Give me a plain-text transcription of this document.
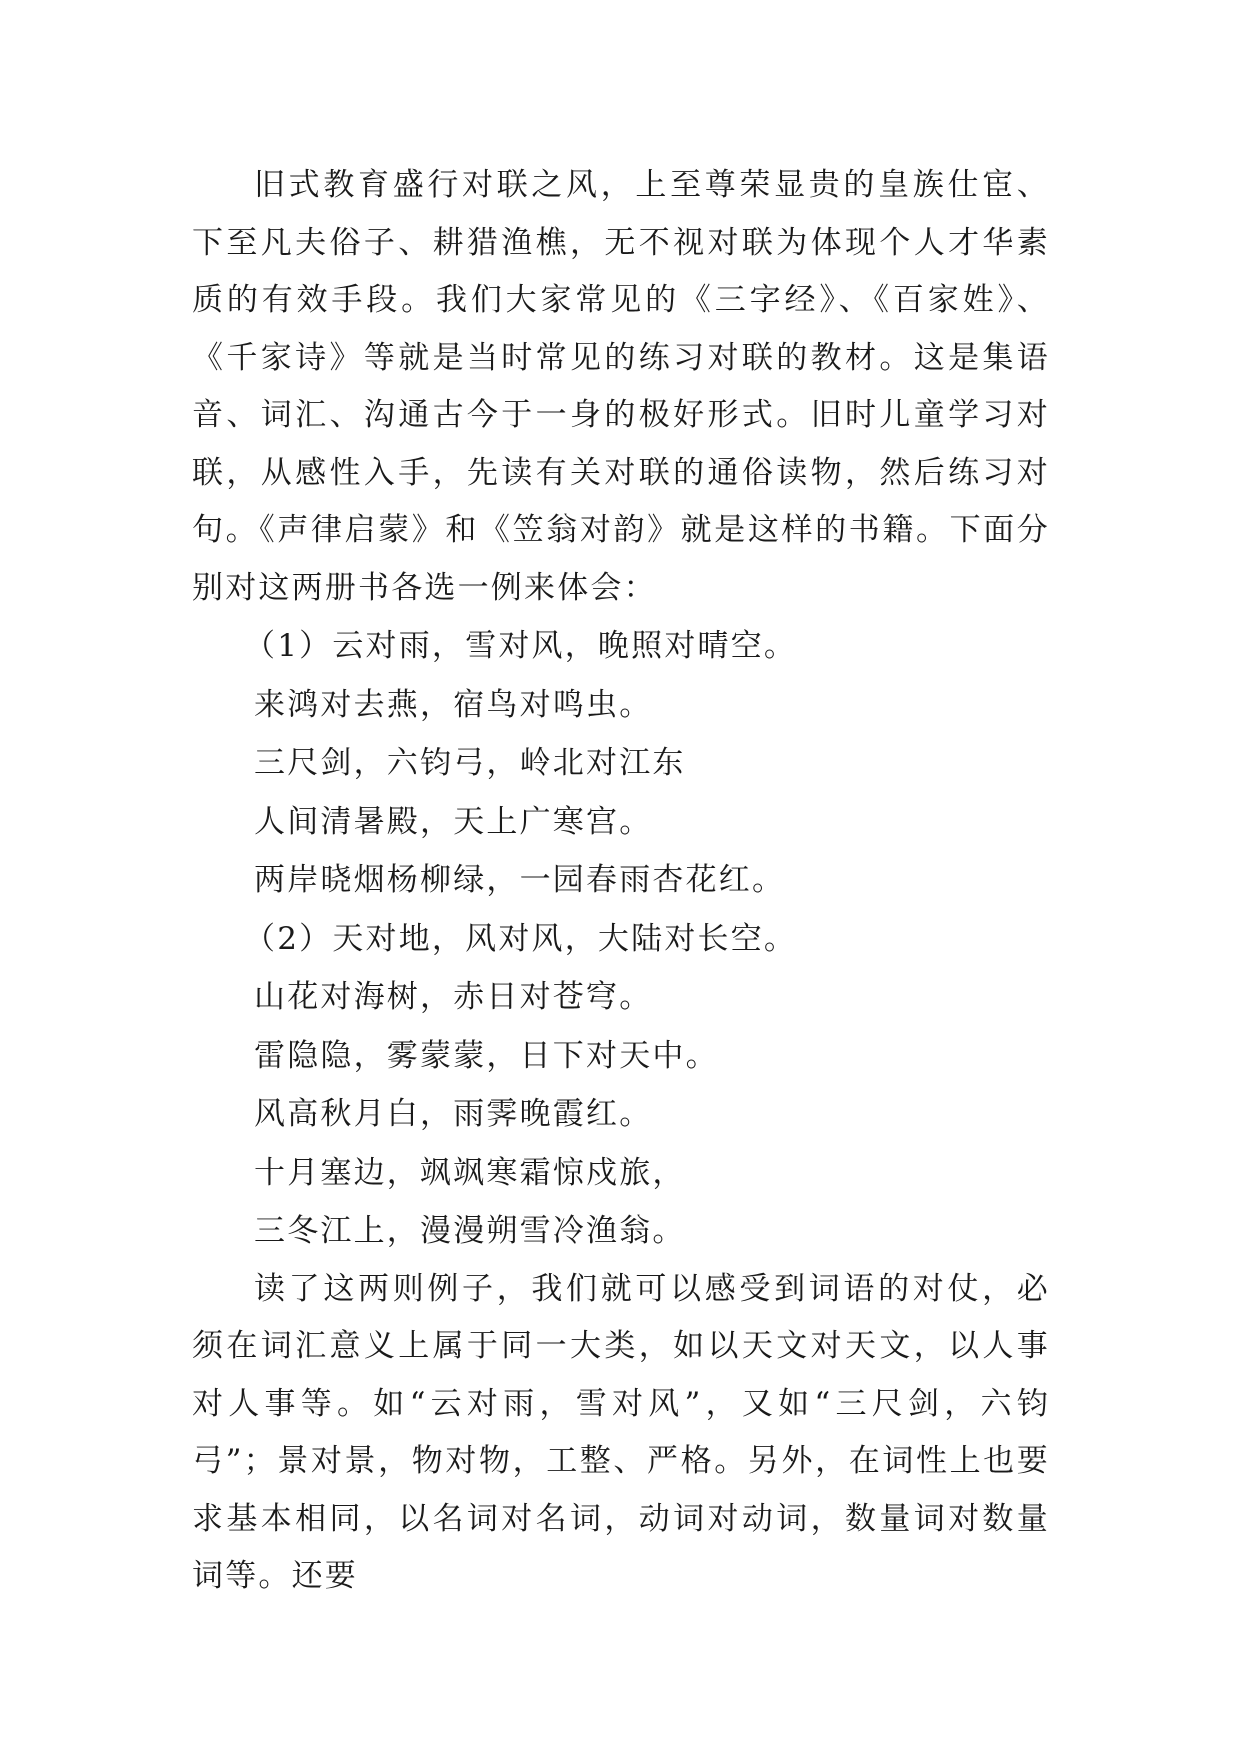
旧式教育盛行对联之风，上至尊荣显贵的皇族仕宦、下至凡夫俗子、耕猎渔樵，无不视对联为体现个人才华素质的有效手段。我们大家常见的《三字经》、《百家姓》、《千家诗》等就是当时常见的练习对联的教材。这是集语音、词汇、沟通古今于一身的极好形式。旧时儿童学习对联，从感性入手，先读有关对联的通俗读物，然后练习对句。《声律启蒙》和《笠翁对韵》就是这样的书籍。下面分别对这两册书各选一例来体会：

（1）云对雨，雪对风，晚照对晴空。

来鸿对去燕，宿鸟对鸣虫。

三尺剑，六钧弓，岭北对江东

人间清暑殿，天上广寒宫。

两岸晓烟杨柳绿，一园春雨杏花红。

（2）天对地，风对风，大陆对长空。

山花对海树，赤日对苍穹。

雷隐隐，雾蒙蒙，日下对天中。

风高秋月白，雨霁晚霞红。

十月塞边，飒飒寒霜惊戍旅，

三冬江上，漫漫朔雪冷渔翁。

读了这两则例子，我们就可以感受到词语的对仗，必须在词汇意义上属于同一大类，如以天文对天文，以人事对人事等。如“云对雨，雪对风”，又如“三尺剑，六钧弓”；景对景，物对物，工整、严格。另外，在词性上也要求基本相同，以名词对名词，动词对动词，数量词对数量词等。还要
